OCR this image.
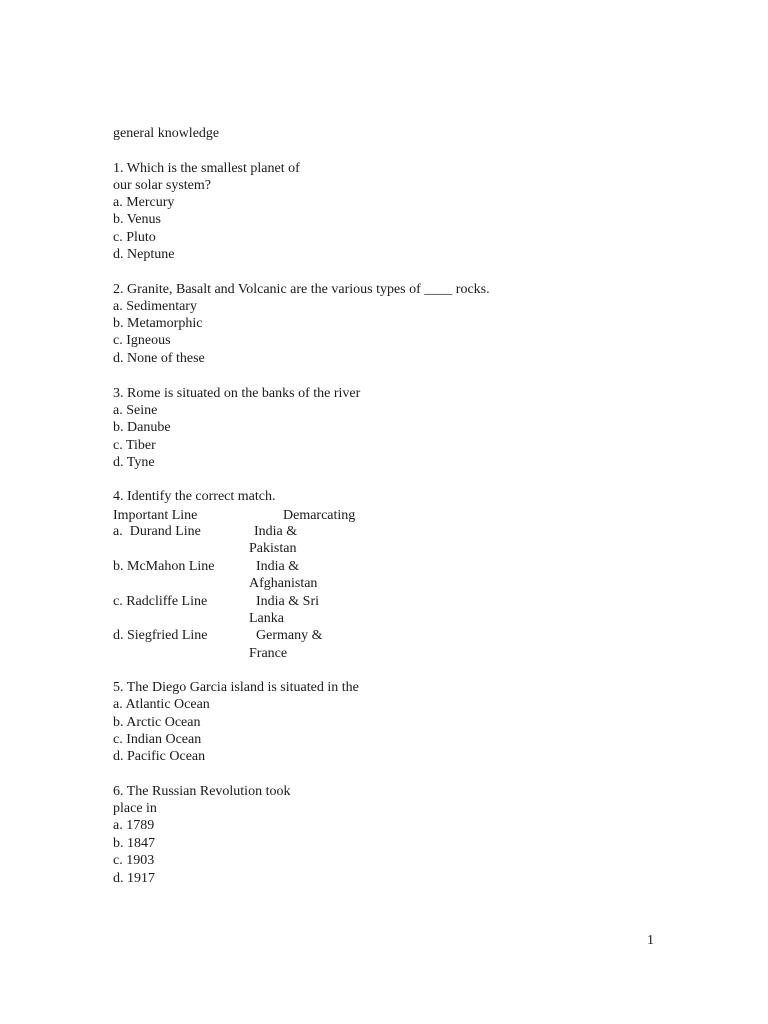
general knowledge
1. Which is the smallest planet of
our solar system?
a. Mercury
b. Venus
c. Pluto
d. Neptune
2. Granite, Basalt and Volcanic are the various types of ____ rocks.
a. Sedimentary
b. Metamorphic
c. Igneous
d. None of these
3. Rome is situated on the banks of the river
a. Seine
b. Danube
c. Tiber
d. Tyne
4. Identify the correct match.
Important Line	Demarcating
a.  Durand Line	India &
Pakistan
b. McMahon Line	India &
Afghanistan
c. Radcliffe Line	India & Sri
Lanka
d. Siegfried Line	Germany &
France
5. The Diego Garcia island is situated in the
a. Atlantic Ocean
b. Arctic Ocean
c. Indian Ocean
d. Pacific Ocean
6. The Russian Revolution took
place in
a. 1789
b. 1847
c. 1903
d. 1917
1
